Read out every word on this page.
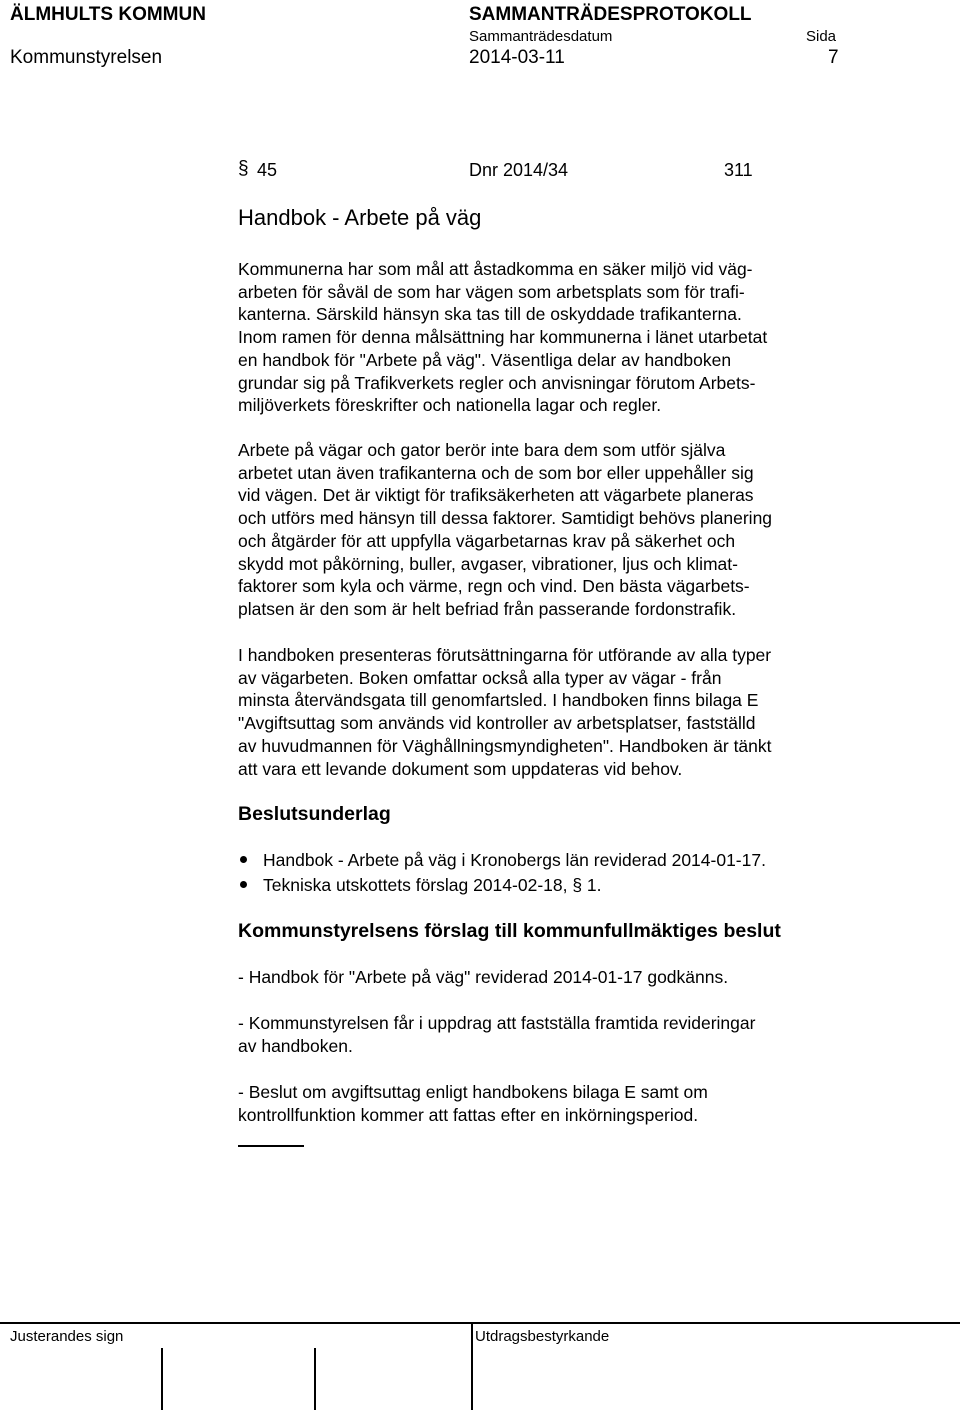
ÄLMHULTS KOMMUN	SAMMANTRÄDESPROTOKOLL
Sammanträdesdatum	Sida
Kommunstyrelsen	2014-03-11	7
§ 45	Dnr 2014/34	311
Handbok - Arbete på väg
Kommunerna har som mål att åstadkomma en säker miljö vid väg-
arbeten för såväl de som har vägen som arbetsplats som för trafi-
kanterna. Särskild hänsyn ska tas till de oskyddade trafikanterna.
Inom ramen för denna målsättning har kommunerna i länet utarbetat
en handbok för "Arbete på väg". Väsentliga delar av handboken
grundar sig på Trafikverkets regler och anvisningar förutom Arbets-
miljöverkets föreskrifter och nationella lagar och regler.
Arbete på vägar och gator berör inte bara dem som utför själva
arbetet utan även trafikanterna och de som bor eller uppehåller sig
vid vägen. Det är viktigt för trafiksäkerheten att vägarbete planeras
och utförs med hänsyn till dessa faktorer. Samtidigt behövs planering
och åtgärder för att uppfylla vägarbetarnas krav på säkerhet och
skydd mot påkörning, buller, avgaser, vibrationer, ljus och klimat-
faktorer som kyla och värme, regn och vind. Den bästa vägarbets-
platsen är den som är helt befriad från passerande fordonstrafik.
I handboken presenteras förutsättningarna för utförande av alla typer
av vägarbeten. Boken omfattar också alla typer av vägar - från
minsta återvändsgata till genomfartsled. I handboken finns bilaga E
"Avgiftsuttag som används vid kontroller av arbetsplatser, fastställd
av huvudmannen för Väghållningsmyndigheten". Handboken är tänkt
att vara ett levande dokument som uppdateras vid behov.
Beslutsunderlag
Handbok - Arbete på väg i Kronobergs län reviderad 2014-01-17.
Tekniska utskottets förslag 2014-02-18, § 1.
Kommunstyrelsens förslag till kommunfullmäktiges beslut
- Handbok för "Arbete på väg" reviderad 2014-01-17 godkänns.
- Kommunstyrelsen får i uppdrag att fastställa framtida revideringar
av handboken.
- Beslut om avgiftsuttag enligt handbokens bilaga E samt om
kontrollfunktion kommer att fattas efter en inkörningsperiod.
Justerandes sign	Utdragsbestyrkande
